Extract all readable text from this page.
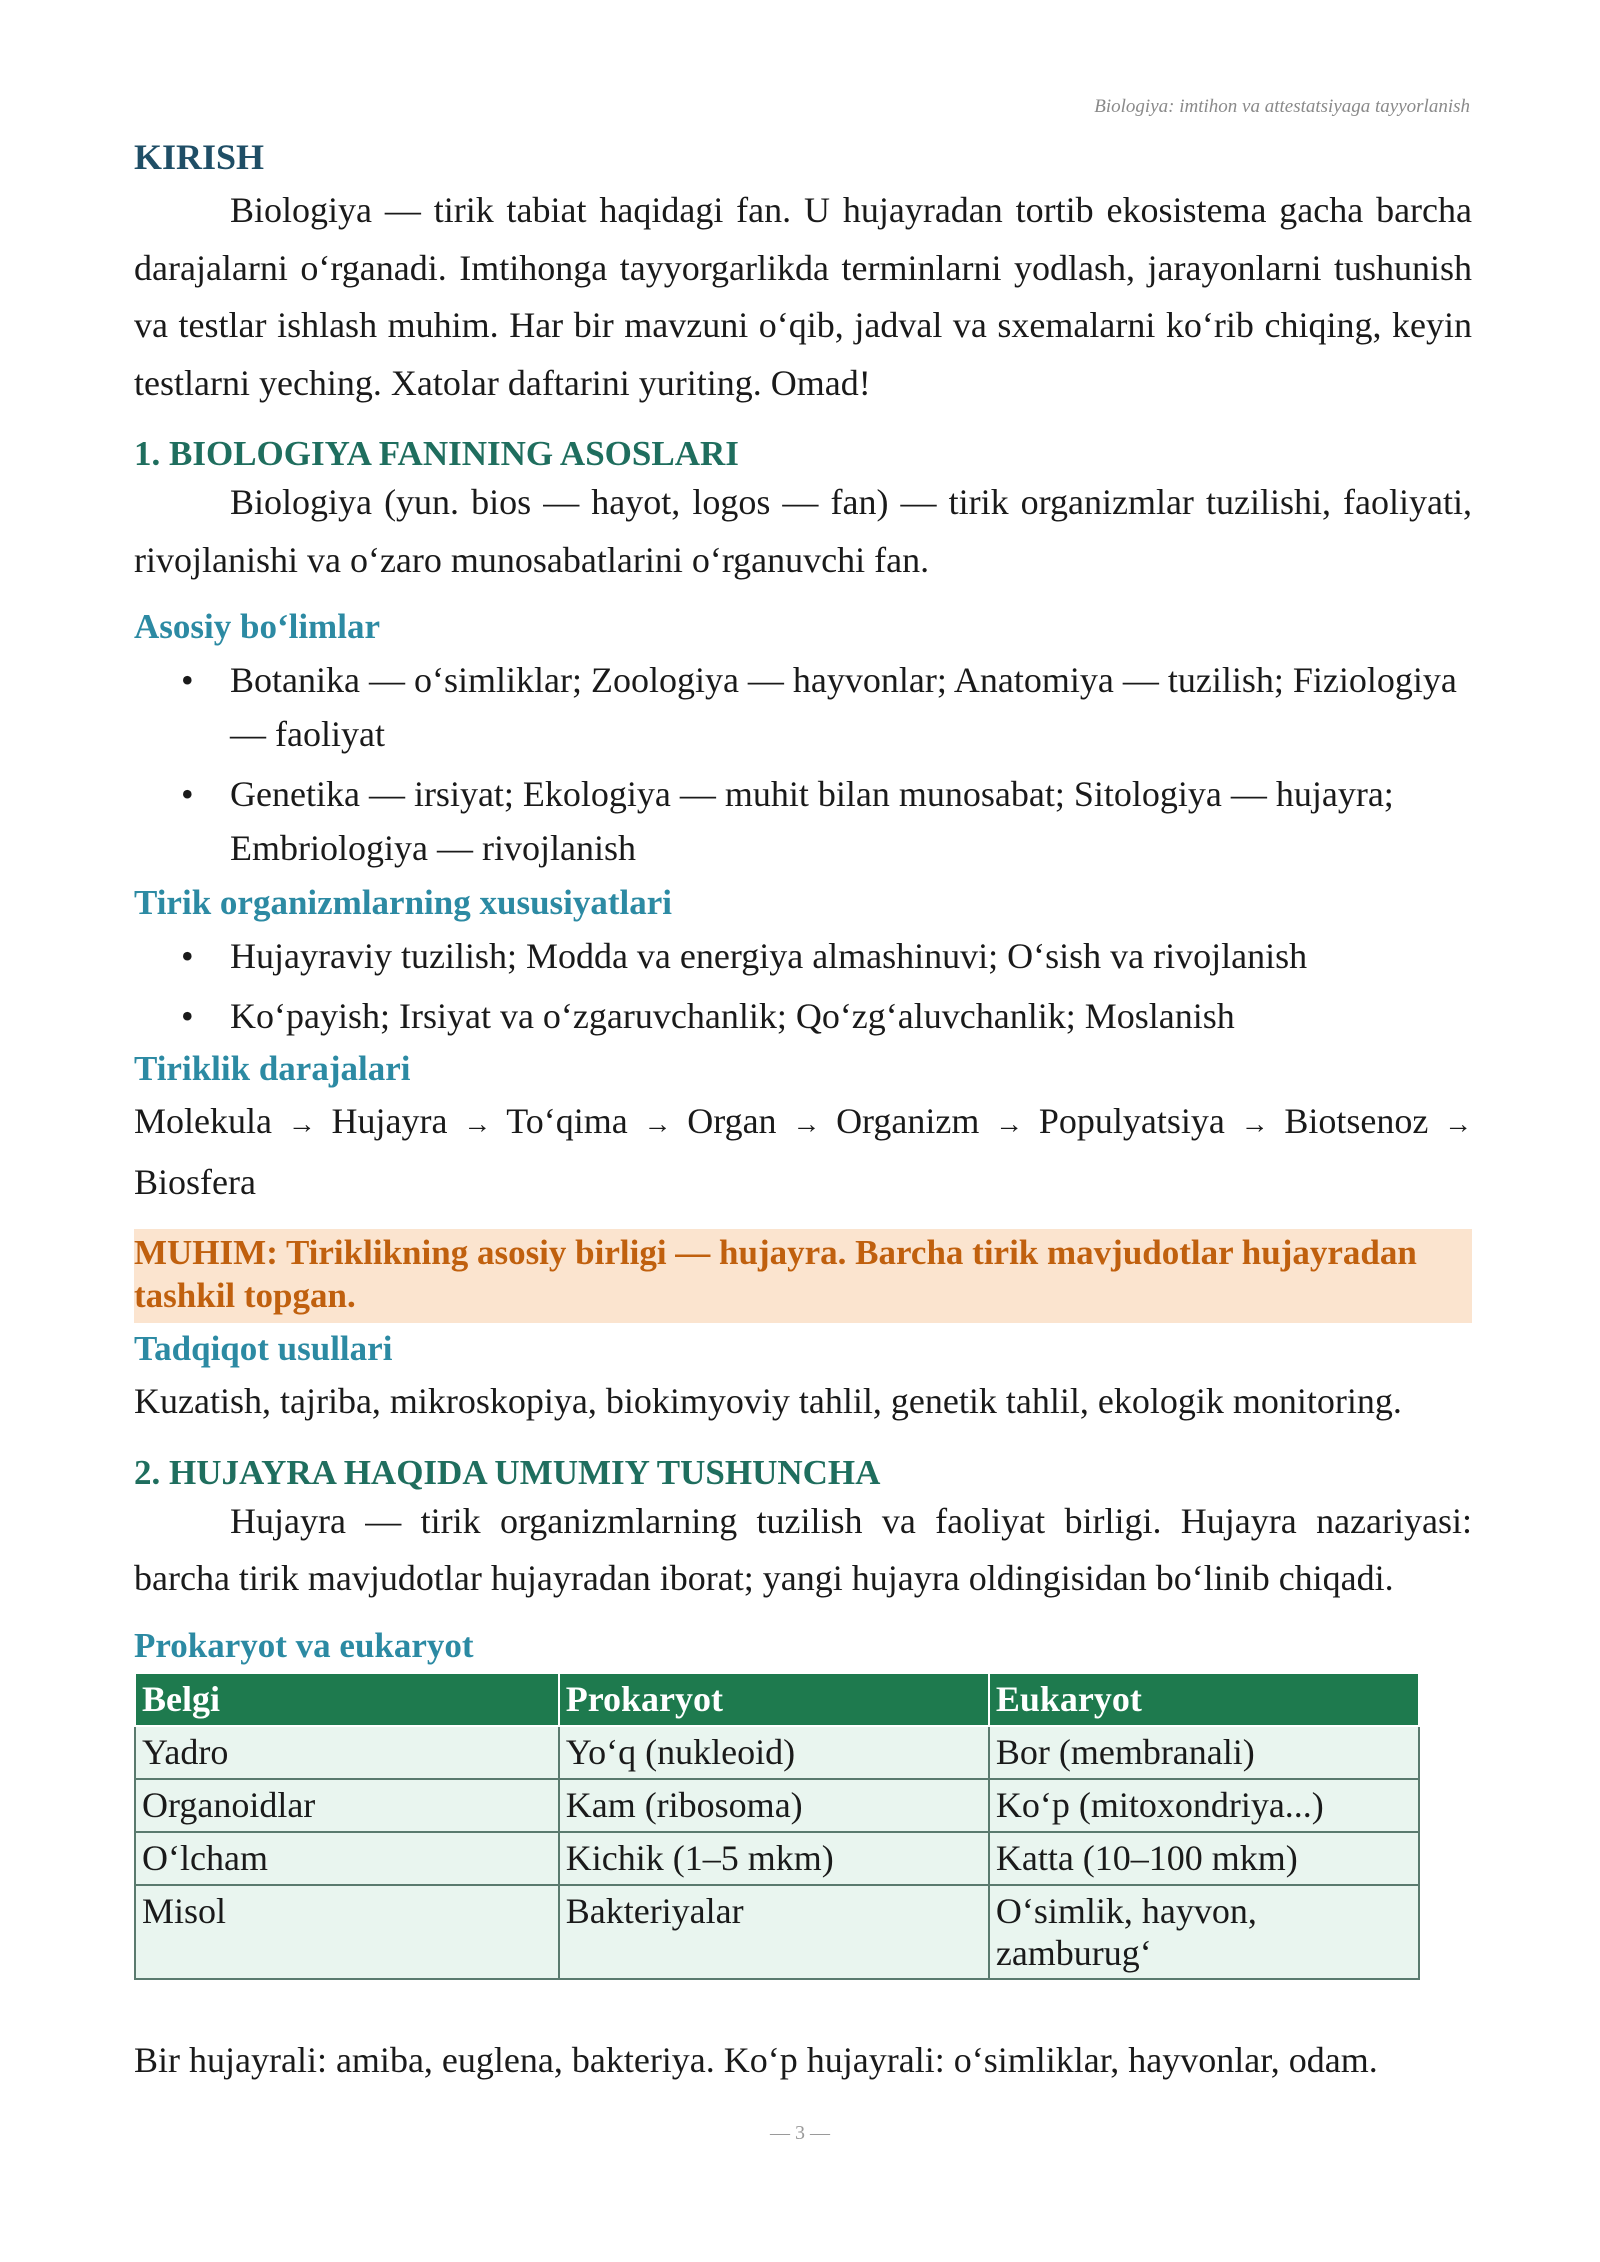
Biologiya: imtihon va attestatsiyaga tayyorlanish
KIRISH

Biologiya — tirik tabiat haqidagi fan. U hujayradan tortib ekosistema gacha barcha darajalarni oʻrganadi. Imtihonga tayyorgarlikda terminlarni yodlash, jarayonlarni tushunish va testlar ishlash muhim. Har bir mavzuni oʻqib, jadval va sxemalarni koʻrib chiqing, keyin testlarni yeching. Xatolar daftarini yuriting. Omad!

1. BIOLOGIYA FANINING ASOSLARI

Biologiya (yun. bios — hayot, logos — fan) — tirik organizmlar tuzilishi, faoliyati, rivojlanishi va oʻzaro munosabatlarini oʻrganuvchi fan.

Asosiy boʻlimlar
• Botanika — oʻsimliklar; Zoologiya — hayvonlar; Anatomiya — tuzilish; Fiziologiya — faoliyat
• Genetika — irsiyat; Ekologiya — muhit bilan munosabat; Sitologiya — hujayra; Embriologiya — rivojlanish
Tirik organizmlarning xususiyatlari
• Hujayraviy tuzilish; Modda va energiya almashinuvi; Oʻsish va rivojlanish
• Koʻpayish; Irsiyat va oʻzgaruvchanlik; Qoʻzgʻaluvchanlik; Moslanish
Tiriklik darajalari

Molekula → Hujayra → Toʻqima → Organ → Organizm → Populyatsiya → Biotsenoz → Biosfera

MUHIM: Tiriklikning asosiy birligi — hujayra. Barcha tirik mavjudotlar hujayradan tashkil topgan.
Tadqiqot usullari

Kuzatish, tajriba, mikroskopiya, biokimyoviy tahlil, genetik tahlil, ekologik monitoring.

2. HUJAYRA HAQIDA UMUMIY TUSHUNCHA

Hujayra — tirik organizmlarning tuzilish va faoliyat birligi. Hujayra nazariyasi: barcha tirik mavjudotlar hujayradan iborat; yangi hujayra oldingisidan boʻlinib chiqadi.

Prokaryot va eukaryot
Belgi	Prokaryot	Eukaryot
Yadro	Yoʻq (nukleoid)	Bor (membranali)
Organoidlar	Kam (ribosoma)	Koʻp (mitoxondriya...)
Oʻlcham	Kichik (1–5 mkm)	Katta (10–100 mkm)
Misol	Bakteriyalar	Oʻsimlik, hayvon, zamburugʻ

Bir hujayrali: amiba, euglena, bakteriya. Koʻp hujayrali: oʻsimliklar, hayvonlar, odam.

— 3 —
